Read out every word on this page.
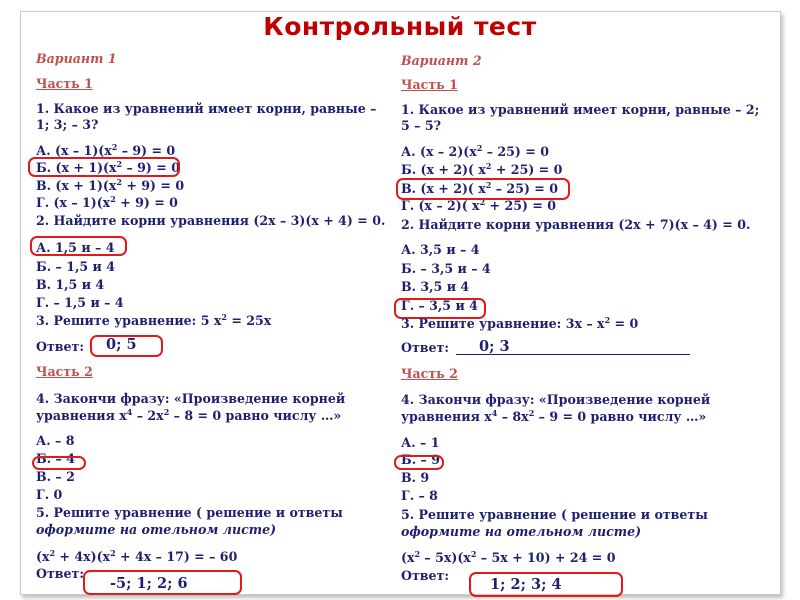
Контрольный тест
Вариант 1
Часть 1
1. Какое из уравнений имеет корни, равные –
1; 3; – 3?
А. $(x - 1)(x^2 - 9) = 0$
Б. $(x + 1)(x^2 - 9) = 0$
В. $(x + 1)(x^2 + 9) = 0$
Г. $(x - 1)(x^2 + 9) = 0$
2. Найдите корни уравнения (2x – 3)(x + 4) = 0.
А. 1,5 и – 4
Б. – 1,5 и 4
В. 1,5 и 4
Г. – 1,5 и – 4
3. Решите уравнение: 5 $x^2 = 25x$
Ответ: 0; 5
Часть 2
4. Закончи фразу: «Произведение корней
уравнения $x^4 - 2x^2 - 8 = 0$ равно числу …»
А. – 8
Б. – 4
В. – 2
Г. 0
5. Решите уравнение ( решение и ответы
оформите на отельном листе)
$(x^2 + 4x)(x^2 + 4x - 17)$ = – 60
Ответ:
-5; 1; 2; 6
Вариант 2
Часть 1
1. Какое из уравнений имеет корни, равные – 2;
5 – 5?
А. $(x - 2)(x^2 - 25) = 0$
Б. (x + 2)( $x^2 + 25) = 0$
В. (x + 2)( $x^2 - 25) = 0$
Г. (x – 2)( $x^2 + 25) = 0$
2. Найдите корни уравнения (2x + 7)(x – 4) = 0.
А. 3,5 и – 4
Б. – 3,5 и – 4
В. 3,5 и 4
Г. – 3,5 и 4
3. Решите уравнение: $3x - x^2 = 0$
Ответ: 0; 3
Часть 2
4. Закончи фразу: «Произведение корней
уравнения $x^4 - 8x^2 - 9 = 0$ равно числу …»
А. – 1
Б. – 9
В. 9
Г. – 8
5. Решите уравнение ( решение и ответы
оформите на отельном листе)
$(x^2 - 5x)(x^2 - 5x + 10) + 24 = 0$
Ответ:
1; 2; 3; 4
